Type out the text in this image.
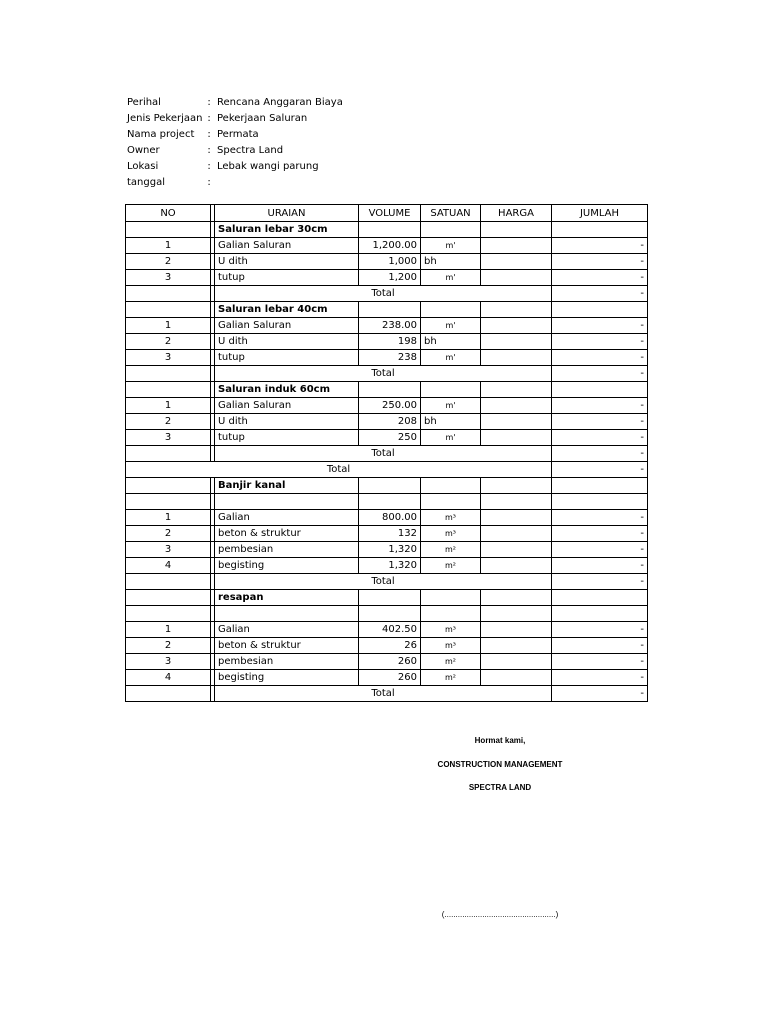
Perihal	: Rencana Anggaran Biaya
Jenis Pekerjaan : Pekerjaan Saluran
Nama project	: Permata
Owner	: Spectra Land
Lokasi	: Lebak wangi parung
tanggal	:
NO		URAIAN	VOLUME	SATUAN	HARGA	JUMLAH
		Saluran lebar 30cm				
1		Galian Saluran	1,200.00	m'		-
2		U dith	1,000	bh		-
3		tutup	1,200	m'		-
		Total				-
		Saluran lebar 40cm				
1		Galian Saluran	238.00	m'		-
2		U dith	198	bh		-
3		tutup	238	m'		-
		Total				-
		Saluran induk 60cm				
1		Galian Saluran	250.00	m'		-
2		U dith	208	bh		-
3		tutup	250	m'		-
		Total				-
Total						-
		Banjir kanal				

1		Galian	800.00	m³		-
2		beton & struktur	132	m³		-
3		pembesian	1,320	m²		-
4		begisting	1,320	m²		-
		Total				-
		resapan				

1		Galian	402.50	m³		-
2		beton & struktur	26	m³		-
3		pembesian	260	m²		-
4		begisting	260	m²		-
		Total				-
Hormat kami,
CONSTRUCTION MANAGEMENT
SPECTRA LAND
(..................................................)
